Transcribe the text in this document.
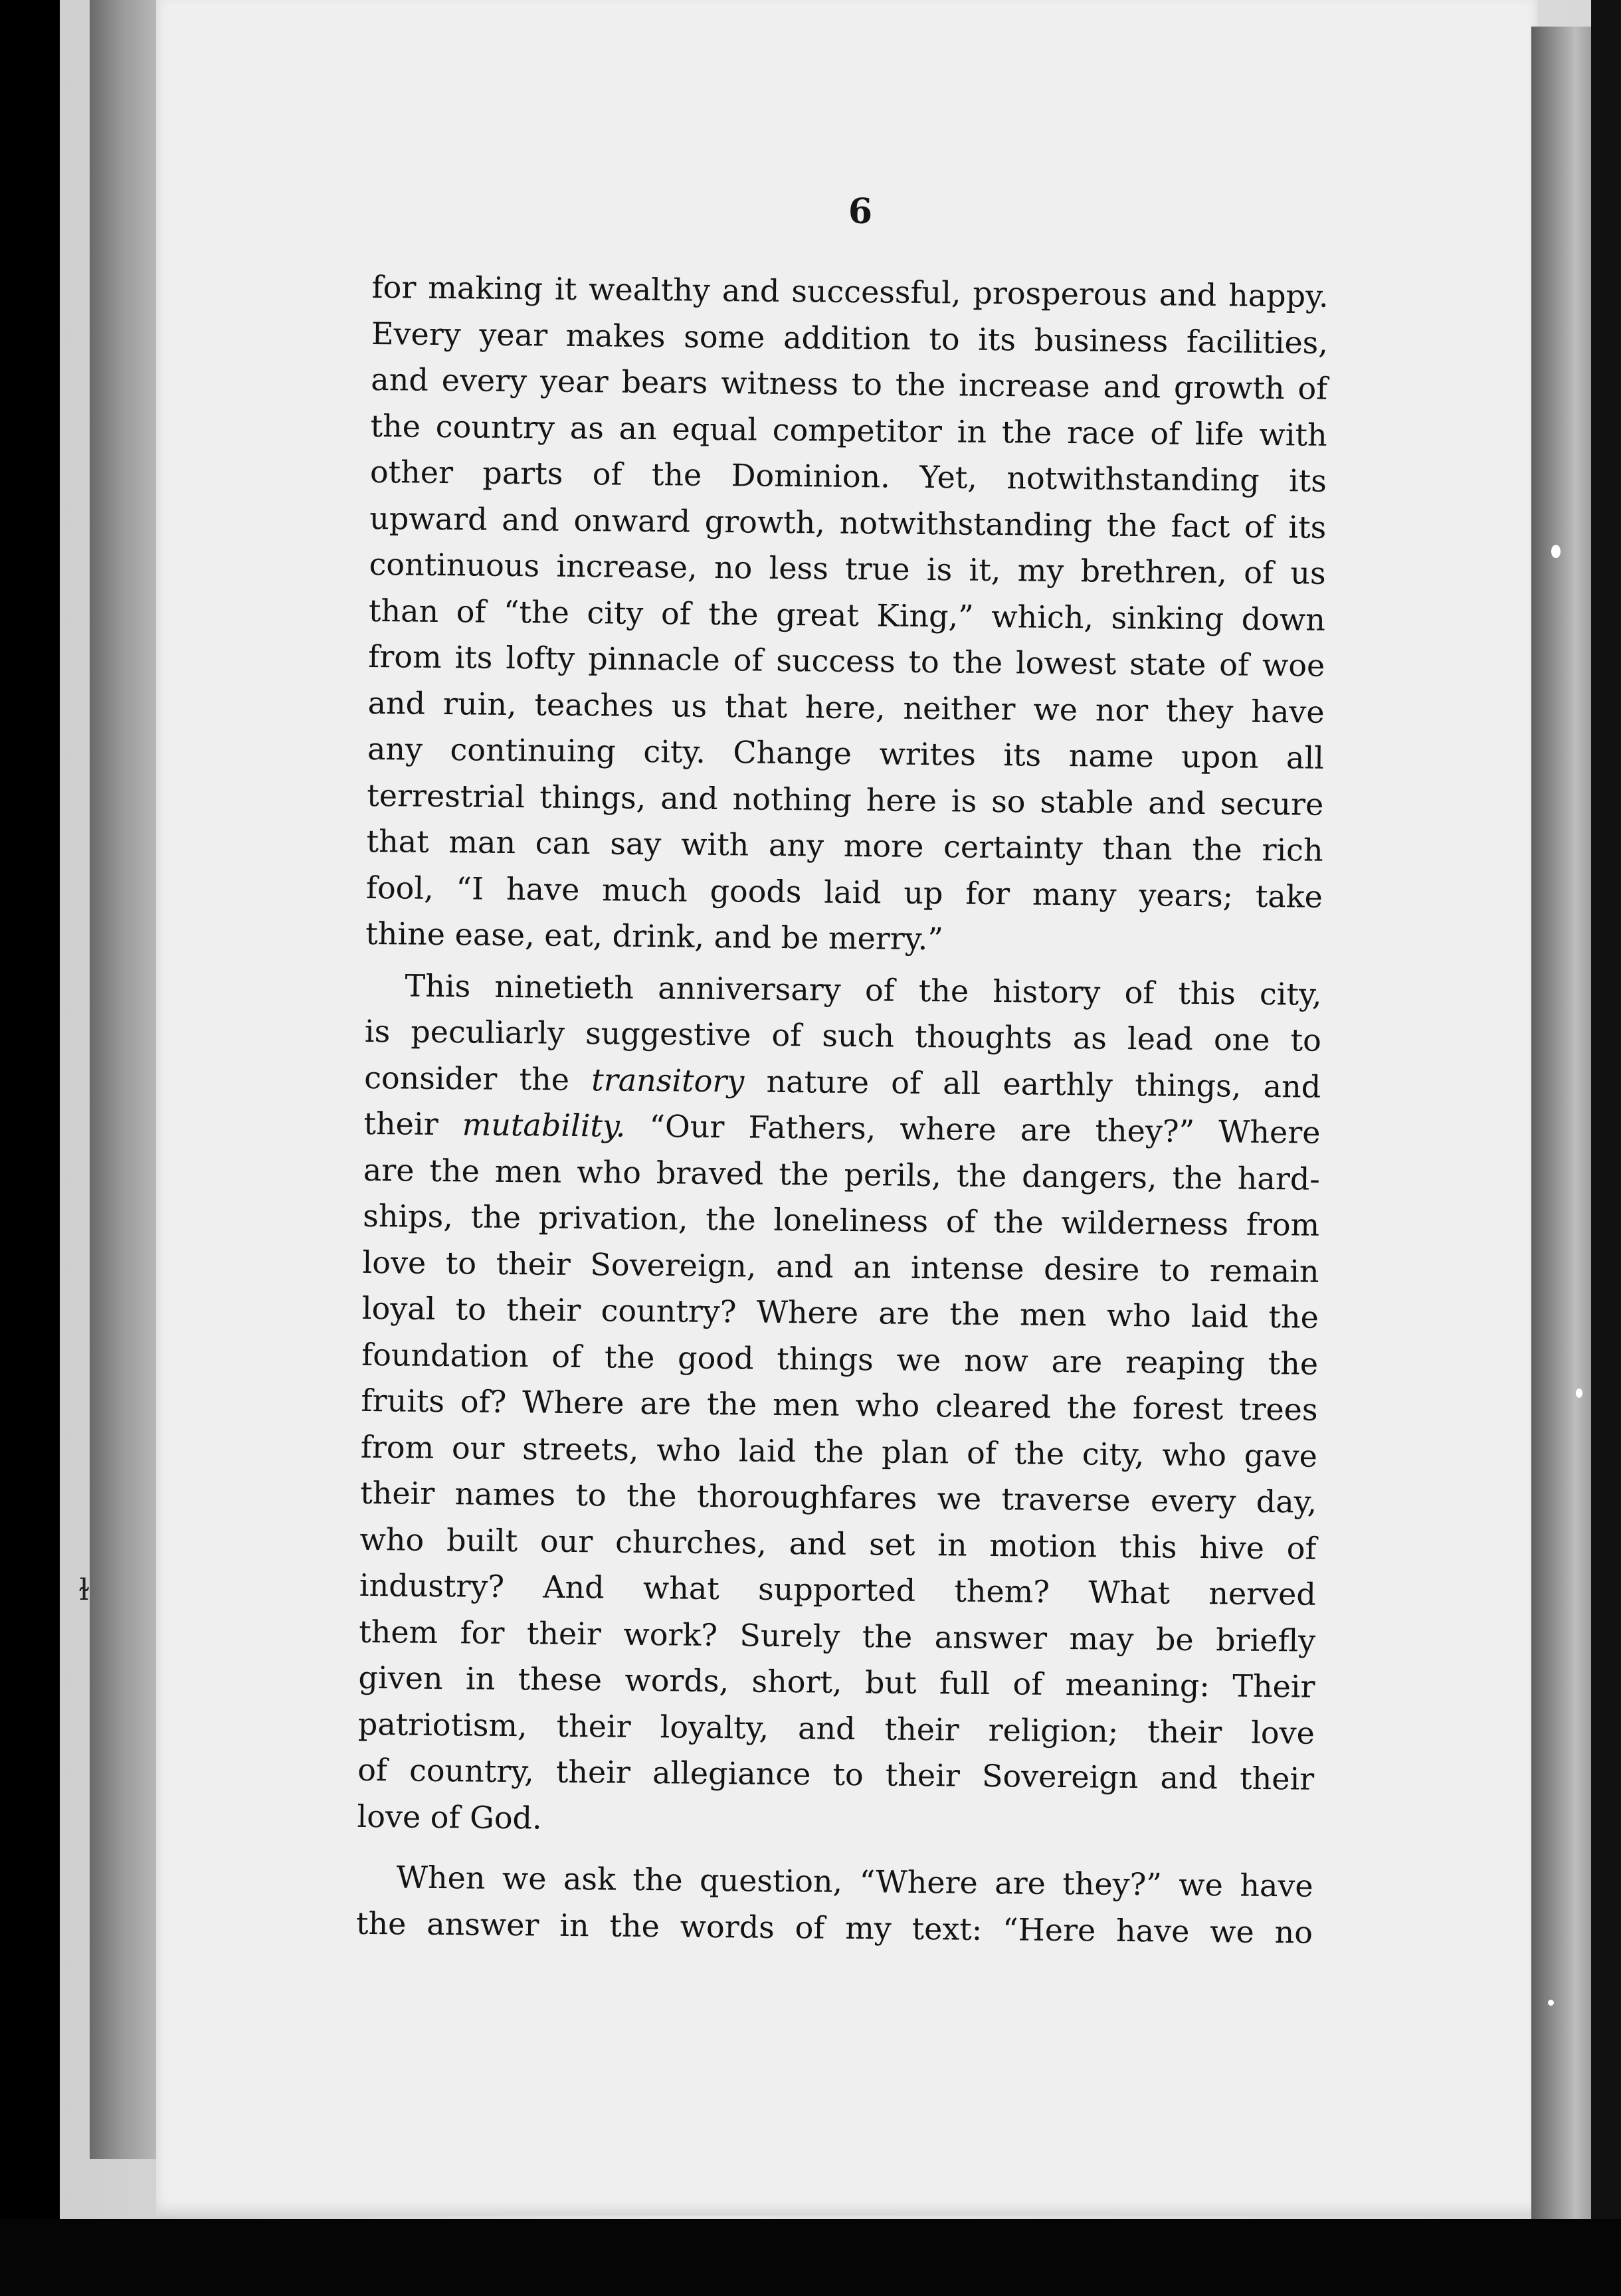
ɫ
6
for making it wealthy and successful, prosperous and happy.
Every year makes some addition to its business facilities,
and every year bears witness to the increase and growth of
the country as an equal competitor in the race of life with
other parts of the Dominion. Yet, notwithstanding its
upward and onward growth, notwithstanding the fact of its
continuous increase, no less true is it, my brethren, of us
than of “the city of the great King,” which, sinking down
from its lofty pinnacle of success to the lowest state of woe
and ruin, teaches us that here, neither we nor they have
any continuing city. Change writes its name upon all
terrestrial things, and nothing here is so stable and secure
that man can say with any more certainty than the rich
fool, “I have much goods laid up for many years; take
thine ease, eat, drink, and be merry.”
This ninetieth anniversary of the history of this city,
is peculiarly suggestive of such thoughts as lead one to
consider the transitory nature of all earthly things, and
their mutability. “Our Fathers, where are they?” Where
are the men who braved the perils, the dangers, the hard-
ships, the privation, the loneliness of the wilderness from
love to their Sovereign, and an intense desire to remain
loyal to their country? Where are the men who laid the
foundation of the good things we now are reaping the
fruits of? Where are the men who cleared the forest trees
from our streets, who laid the plan of the city, who gave
their names to the thoroughfares we traverse every day,
who built our churches, and set in motion this hive of
industry? And what supported them? What nerved
them for their work? Surely the answer may be briefly
given in these words, short, but full of meaning: Their
patriotism, their loyalty, and their religion; their love
of country, their allegiance to their Sovereign and their
love of God.
When we ask the question, “Where are they?” we have
the answer in the words of my text: “Here have we no
